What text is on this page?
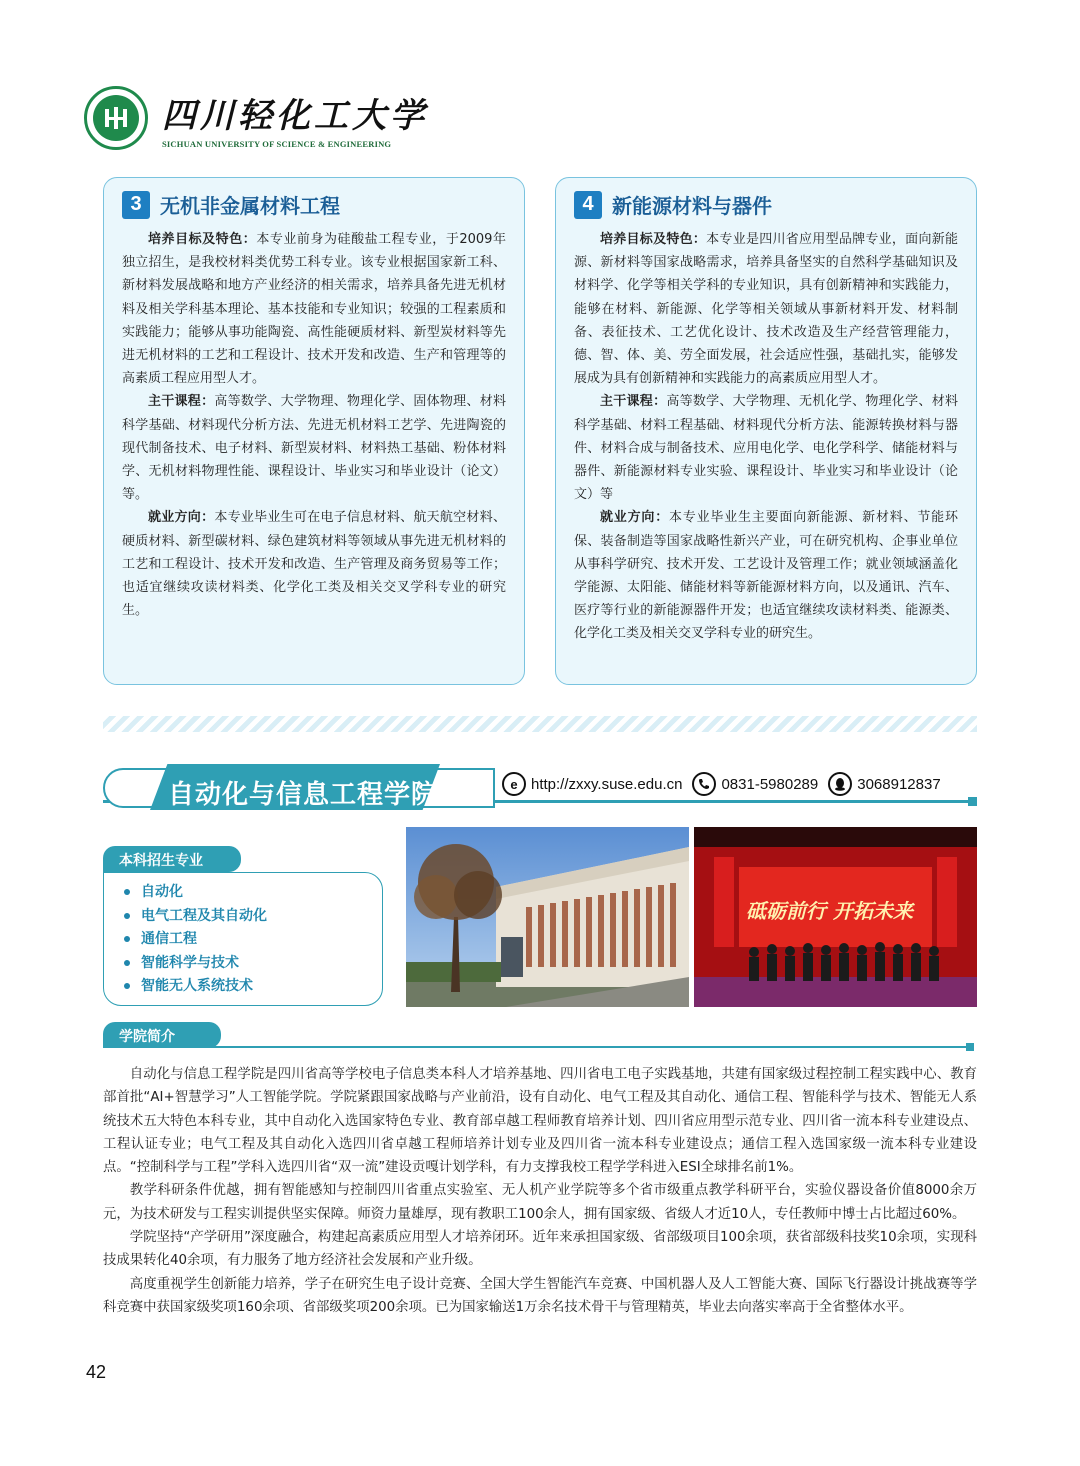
四川轻化工大学
SICHUAN UNIVERSITY OF SCIENCE & ENGINEERING
3 无机非金属材料工程

培养目标及特色：本专业前身为硅酸盐工程专业，于2009年独立招生，是我校材料类优势工科专业。该专业根据国家新工科、新材料发展战略和地方产业经济的相关需求，培养具备先进无机材料及相关学科基本理论、基本技能和专业知识；较强的工程素质和实践能力；能够从事功能陶瓷、高性能硬质材料、新型炭材料等先进无机材料的工艺和工程设计、技术开发和改造、生产和管理等的高素质工程应用型人才。

主干课程：高等数学、大学物理、物理化学、固体物理、材料科学基础、材料现代分析方法、先进无机材料工艺学、先进陶瓷的现代制备技术、电子材料、新型炭材料、材料热工基础、粉体材料学、无机材料物理性能、课程设计、毕业实习和毕业设计（论文）等。

就业方向：本专业毕业生可在电子信息材料、航天航空材料、硬质材料、新型碳材料、绿色建筑材料等领域从事先进无机材料的工艺和工程设计、技术开发和改造、生产管理及商务贸易等工作；也适宜继续攻读材料类、化学化工类及相关交叉学科专业的研究生。

4 新能源材料与器件

培养目标及特色：本专业是四川省应用型品牌专业，面向新能源、新材料等国家战略需求，培养具备坚实的自然科学基础知识及材料学、化学等相关学科的专业知识，具有创新精神和实践能力，能够在材料、新能源、化学等相关领域从事新材料开发、材料制备、表征技术、工艺优化设计、技术改造及生产经营管理能力，德、智、体、美、劳全面发展，社会适应性强，基础扎实，能够发展成为具有创新精神和实践能力的高素质应用型人才。

主干课程：高等数学、大学物理、无机化学、物理化学、材料科学基础、材料工程基础、材料现代分析方法、能源转换材料与器件、材料合成与制备技术、应用电化学、电化学科学、储能材料与器件、新能源材料专业实验、课程设计、毕业实习和毕业设计（论文）等

就业方向：本专业毕业生主要面向新能源、新材料、节能环保、装备制造等国家战略性新兴产业，可在研究机构、企事业单位从事科学研究、技术开发、工艺设计及管理工作；就业领域涵盖化学能源、太阳能、储能材料等新能源材料方向，以及通讯、汽车、医疗等行业的新能源器件开发；也适宜继续攻读材料类、能源类、化学化工类及相关交叉学科专业的研究生。

自动化与信息工程学院	e http://zxxy.suse.edu.cn	0831-5980289	3068912837
本科招生专业
自动化
电气工程及其自动化
通信工程
智能科学与技术
智能无人系统技术
砥砺前行 开拓未来
学院简介

自动化与信息工程学院是四川省高等学校电子信息类本科人才培养基地、四川省电工电子实践基地，共建有国家级过程控制工程实践中心、教育部首批“AI+智慧学习”人工智能学院。学院紧跟国家战略与产业前沿，设有自动化、电气工程及其自动化、通信工程、智能科学与技术、智能无人系统技术五大特色本科专业，其中自动化入选国家特色专业、教育部卓越工程师教育培养计划、四川省应用型示范专业、四川省一流本科专业建设点、工程认证专业；电气工程及其自动化入选四川省卓越工程师培养计划专业及四川省一流本科专业建设点；通信工程入选国家级一流本科专业建设点。“控制科学与工程”学科入选四川省“双一流”建设贡嘎计划学科，有力支撑我校工程学学科进入ESI全球排名前1%。

教学科研条件优越，拥有智能感知与控制四川省重点实验室、无人机产业学院等多个省市级重点教学科研平台，实验仪器设备价值8000余万元，为技术研发与工程实训提供坚实保障。师资力量雄厚，现有教职工100余人，拥有国家级、省级人才近10人，专任教师中博士占比超过60%。

学院坚持“产学研用”深度融合，构建起高素质应用型人才培养闭环。近年来承担国家级、省部级项目100余项，获省部级科技奖10余项，实现科技成果转化40余项，有力服务了地方经济社会发展和产业升级。

高度重视学生创新能力培养，学子在研究生电子设计竞赛、全国大学生智能汽车竞赛、中国机器人及人工智能大赛、国际飞行器设计挑战赛等学科竞赛中获国家级奖项160余项、省部级奖项200余项。已为国家输送1万余名技术骨干与管理精英，毕业去向落实率高于全省整体水平。

42
